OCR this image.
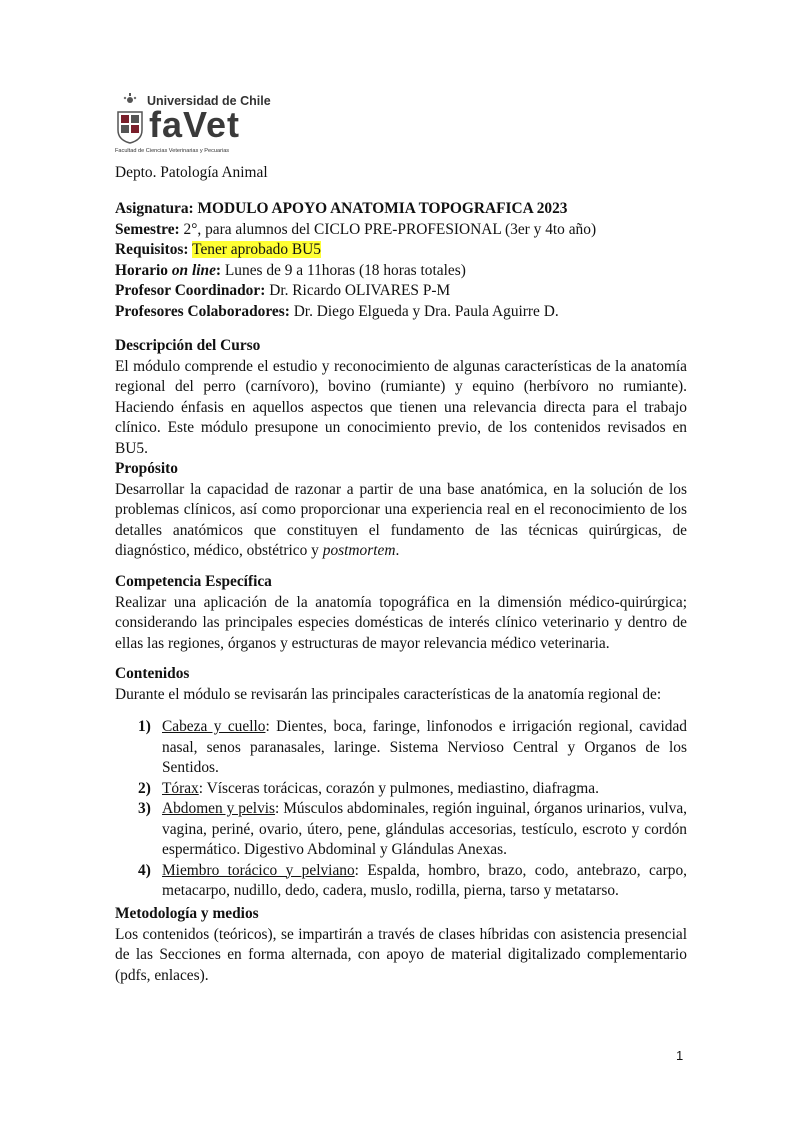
Universidad de Chile
faVet
Facultad de Ciencias Veterinarias y Pecuarias
Depto. Patología Animal
Asignatura: MODULO APOYO ANATOMIA TOPOGRAFICA 2023
Semestre: 2°, para alumnos del CICLO PRE-PROFESIONAL (3er y 4to año)
Requisitos: Tener aprobado BU5
Horario on line: Lunes de 9 a 11horas (18 horas totales)
Profesor Coordinador: Dr. Ricardo OLIVARES P-M
Profesores Colaboradores: Dr. Diego Elgueda y Dra. Paula Aguirre D.
Descripción del Curso
El módulo comprende el estudio y reconocimiento de algunas características de la anatomía regional del perro (carnívoro), bovino (rumiante) y equino (herbívoro no rumiante). Haciendo énfasis en aquellos aspectos que tienen una relevancia directa para el trabajo clínico. Este módulo presupone un conocimiento previo, de los contenidos revisados en BU5.
Propósito
Desarrollar la capacidad de razonar a partir de una base anatómica, en la solución de los problemas clínicos, así como proporcionar una experiencia real en el reconocimiento de los detalles anatómicos que constituyen el fundamento de las técnicas quirúrgicas, de diagnóstico, médico, obstétrico y postmortem.
Competencia Específica
Realizar una aplicación de la anatomía topográfica en la dimensión médico-quirúrgica; considerando las principales especies domésticas de interés clínico veterinario y dentro de ellas las regiones, órganos y estructuras de mayor relevancia médico veterinaria.
Contenidos
Durante el módulo se revisarán las principales características de la anatomía regional de:
1) Cabeza y cuello: Dientes, boca, faringe, linfonodos e irrigación regional, cavidad nasal, senos paranasales, laringe. Sistema Nervioso Central y Organos de los Sentidos.
2) Tórax: Vísceras torácicas, corazón y pulmones, mediastino, diafragma.
3) Abdomen y pelvis: Músculos abdominales, región inguinal, órganos urinarios, vulva, vagina, periné, ovario, útero, pene, glándulas accesorias, testículo, escroto y cordón espermático. Digestivo Abdominal y Glándulas Anexas.
4) Miembro torácico y pelviano: Espalda, hombro, brazo, codo, antebrazo, carpo, metacarpo, nudillo, dedo, cadera, muslo, rodilla, pierna, tarso y metatarso.
Metodología y medios
Los contenidos (teóricos), se impartirán a través de clases híbridas con asistencia presencial de las Secciones en forma alternada, con apoyo de material digitalizado complementario (pdfs, enlaces).
1
